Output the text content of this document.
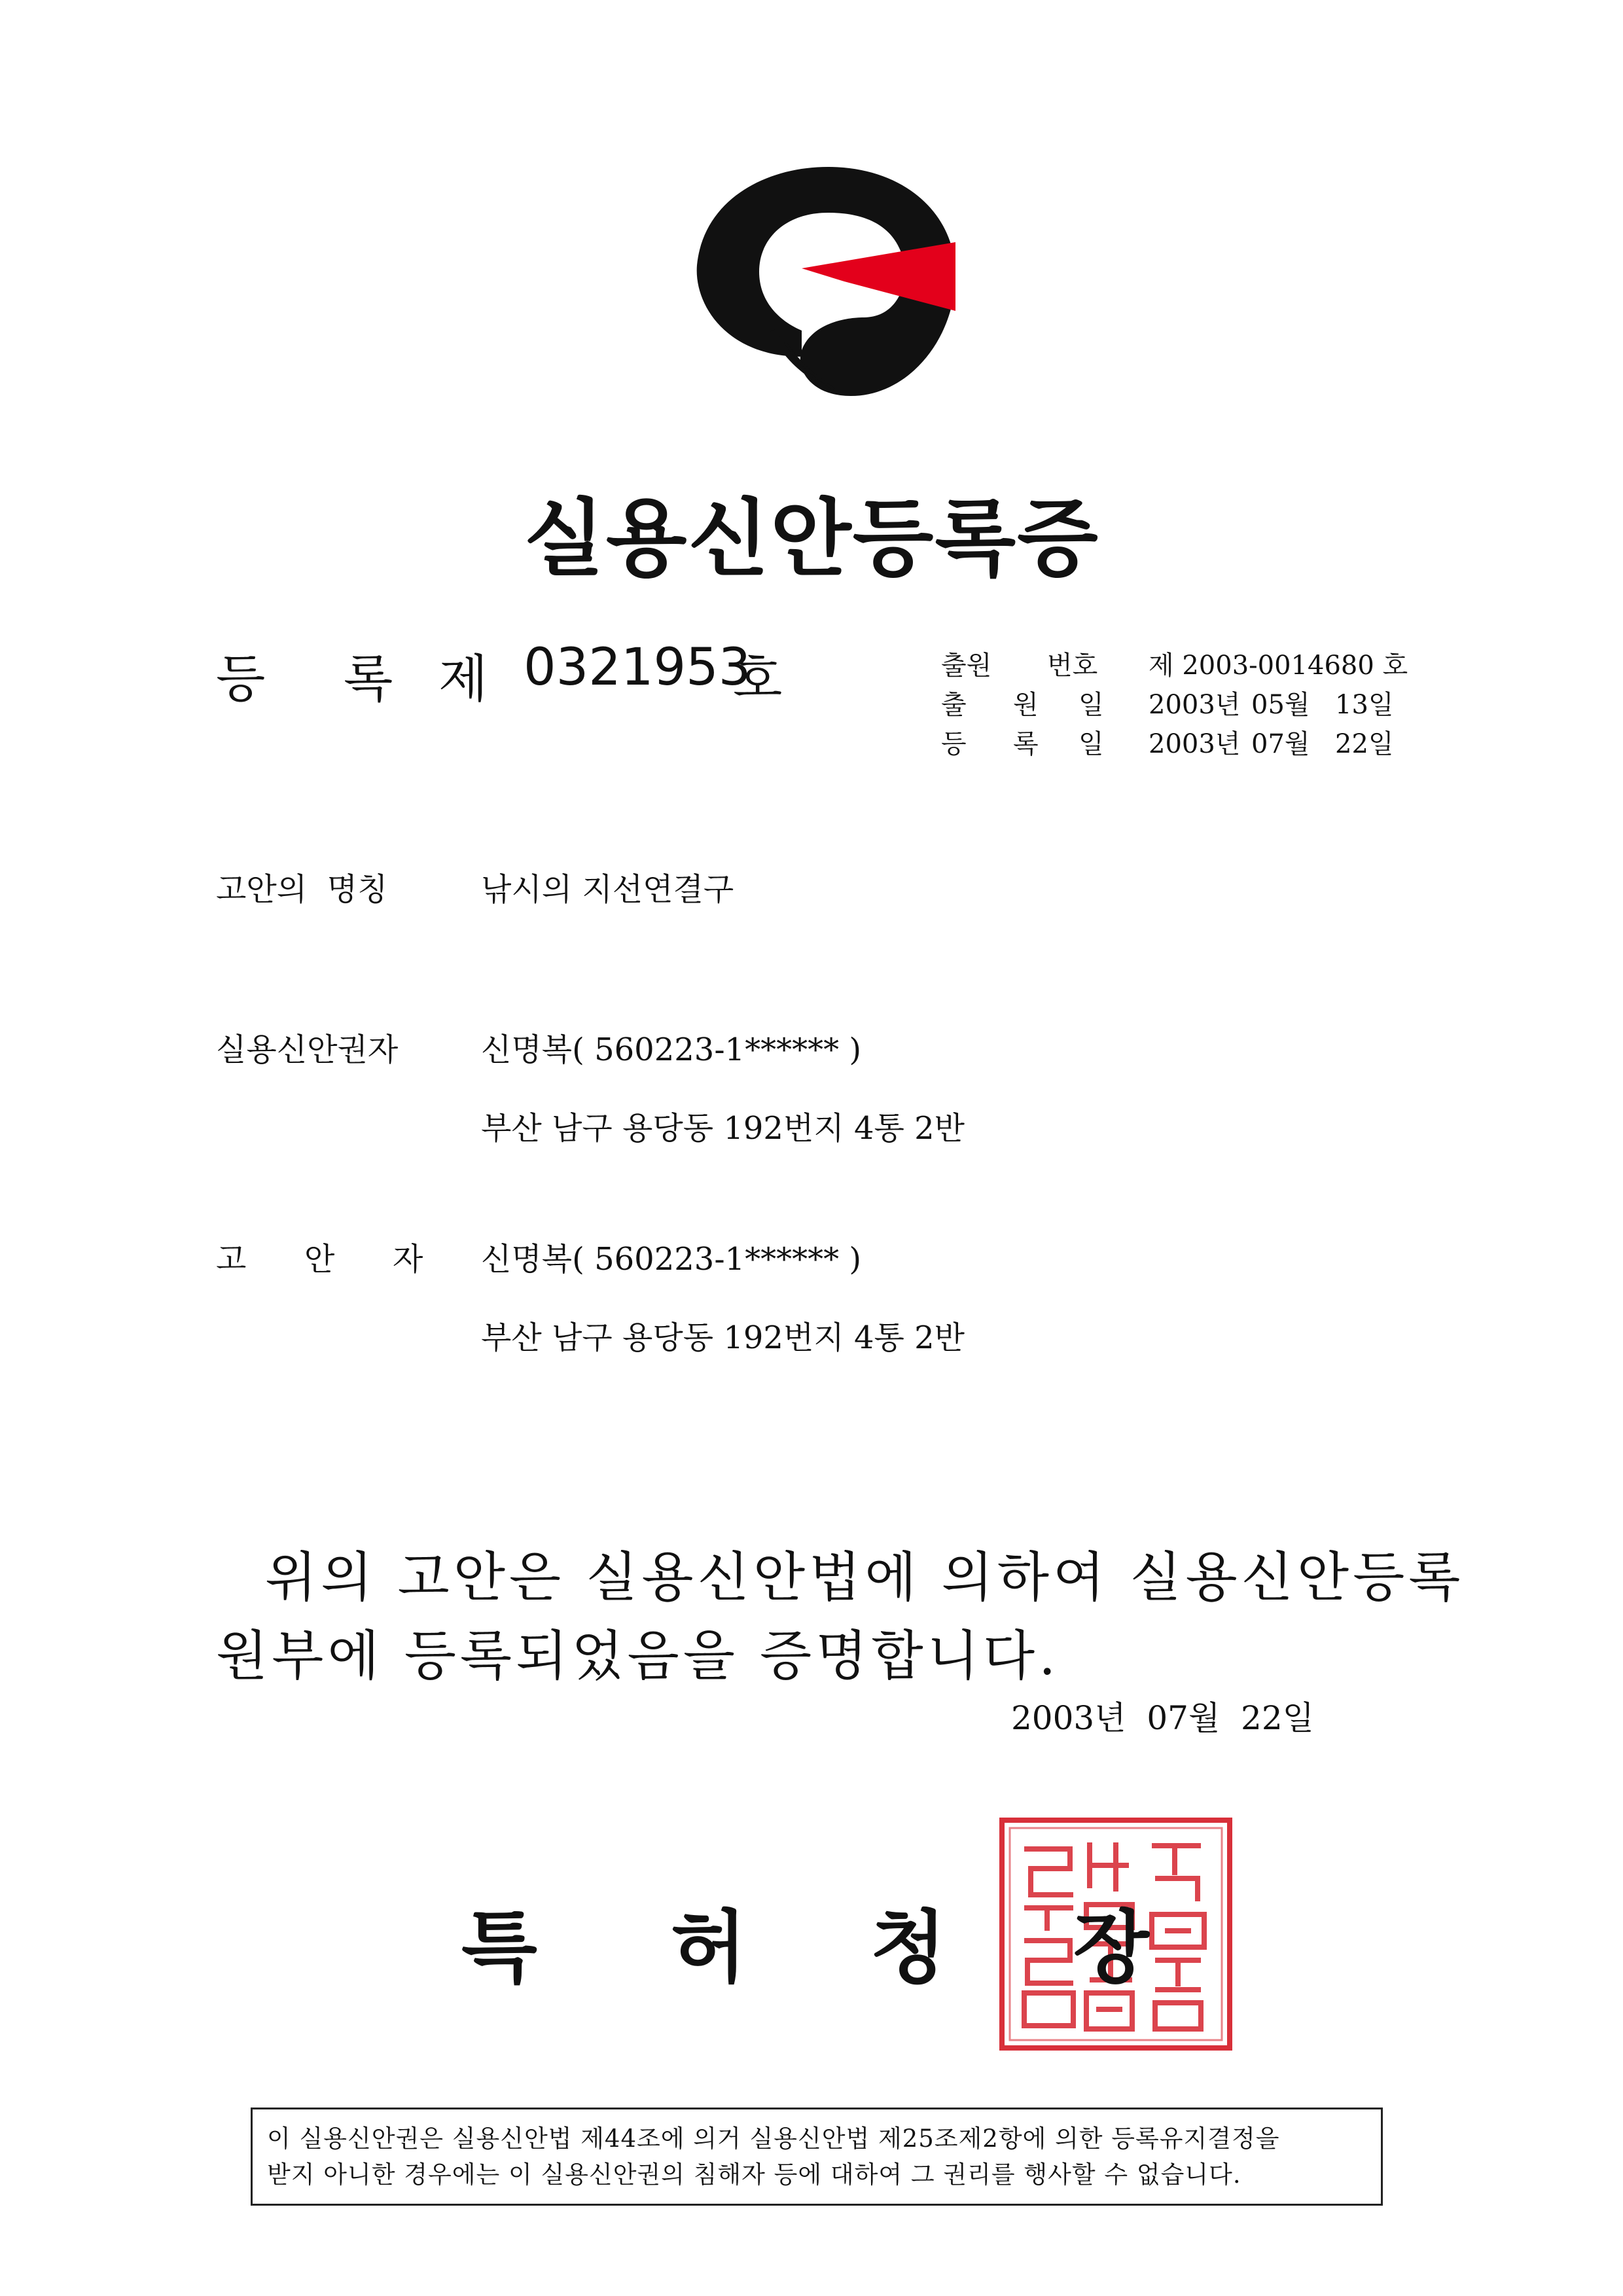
실용신안등록증
등 록 제 0321953
호	출원 번호 제 2003-0014680 호
출 원 일 2003년 05월 13일
등 록 일 2003년 07월 22일
고안의  명칭	낚시의 지선연결구
실용신안권자	신명복( 560223-1****** )
부산 남구 용당동 192번지 4통 2반
고 안 자 신명복( 560223-1****** )
부산 남구 용당동 192번지 4통 2반
위의 고안은 실용신안법에 의하여 실용신안등록
원부에 등록되었음을 증명합니다.
2003년  07월  22일
특 허 청 장
이 실용신안권은 실용신안법 제44조에 의거 실용신안법 제25조제2항에 의한 등록유지결정을
받지 아니한 경우에는 이 실용신안권의 침해자 등에 대하여 그 권리를 행사할 수 없습니다.
